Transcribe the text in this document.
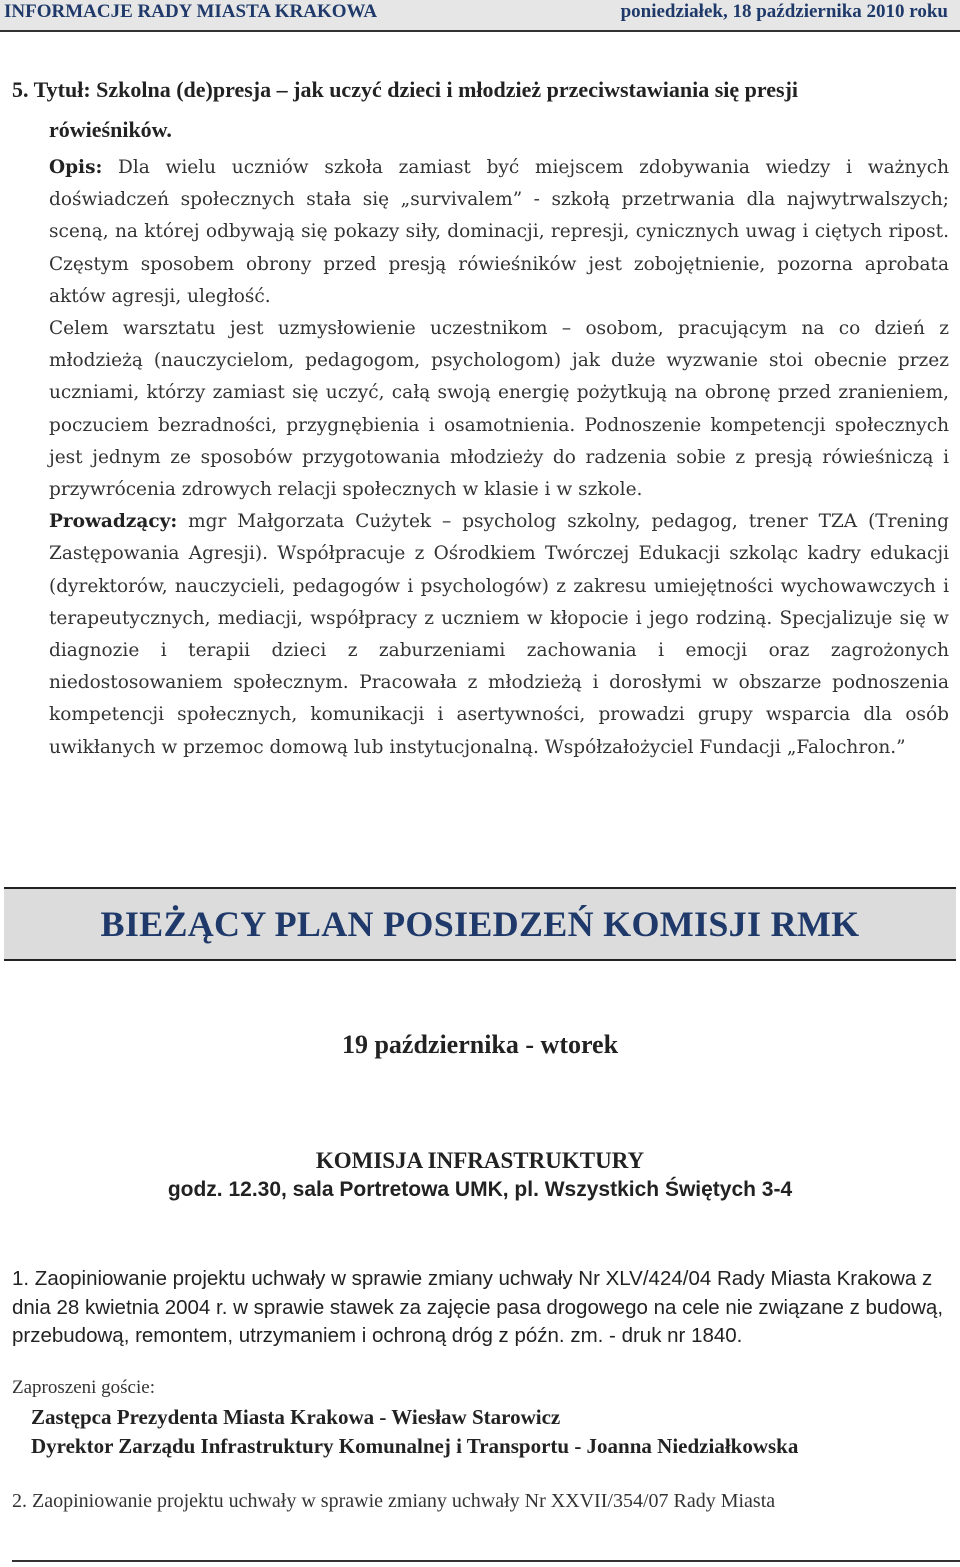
INFORMACJE RADY MIASTA KRAKOWA	poniedziałek, 18 października 2010 roku
5. Tytuł: Szkolna (de)presja – jak uczyć dzieci i młodzież przeciwstawiania się presji
rówieśników.

Opis: Dla wielu uczniów szkoła zamiast być miejscem zdobywania wiedzy i ważnych doświadczeń społecznych stała się „survivalem” - szkołą przetrwania dla najwytrwalszych; sceną, na której odbywają się pokazy siły, dominacji, represji, cynicznych uwag i ciętych ripost. Częstym sposobem obrony przed presją rówieśników jest zobojętnienie, pozorna aprobata aktów agresji, uległość.

Celem warsztatu jest uzmysłowienie uczestnikom – osobom, pracującym na co dzień z młodzieżą (nauczycielom, pedagogom, psychologom) jak duże wyzwanie stoi obecnie przez uczniami, którzy zamiast się uczyć, całą swoją energię pożytkują na obronę przed zranieniem, poczuciem bezradności, przygnębienia i osamotnienia. Podnoszenie kompetencji społecznych jest jednym ze sposobów przygotowania młodzieży do radzenia sobie z presją rówieśniczą i przywrócenia zdrowych relacji społecznych w klasie i w szkole.

Prowadzący: mgr Małgorzata Cużytek – psycholog szkolny, pedagog, trener TZA (Trening Zastępowania Agresji). Współpracuje z Ośrodkiem Twórczej Edukacji szkoląc kadry edukacji (dyrektorów, nauczycieli, pedagogów i psychologów) z zakresu umiejętności wychowawczych i terapeutycznych, mediacji, współpracy z uczniem w kłopocie i jego rodziną. Specjalizuje się w diagnozie i terapii dzieci z zaburzeniami zachowania i emocji oraz zagrożonych niedostosowaniem społecznym. Pracowała z młodzieżą i dorosłymi w obszarze podnoszenia kompetencji społecznych, komunikacji i asertywności, prowadzi grupy wsparcia dla osób uwikłanych w przemoc domową lub instytucjonalną. Współzałożyciel Fundacji „Falochron.”

BIEŻĄCY PLAN POSIEDZEŃ KOMISJI RMK
19 października - wtorek
KOMISJA INFRASTRUKTURY
godz. 12.30, sala Portretowa UMK, pl. Wszystkich Świętych 3-4
1. Zaopiniowanie projektu uchwały w sprawie zmiany uchwały Nr XLV/424/04 Rady Miasta Krakowa z dnia 28 kwietnia 2004 r. w sprawie stawek za zajęcie pasa drogowego na cele nie związane z budową, przebudową, remontem, utrzymaniem i ochroną dróg z późn. zm. - druk nr 1840.
Zaproszeni goście:
Zastępca Prezydenta Miasta Krakowa - Wiesław Starowicz
Dyrektor Zarządu Infrastruktury Komunalnej i Transportu - Joanna Niedziałkowska
2. Zaopiniowanie projektu uchwały w sprawie zmiany uchwały Nr XXVII/354/07 Rady Miasta
